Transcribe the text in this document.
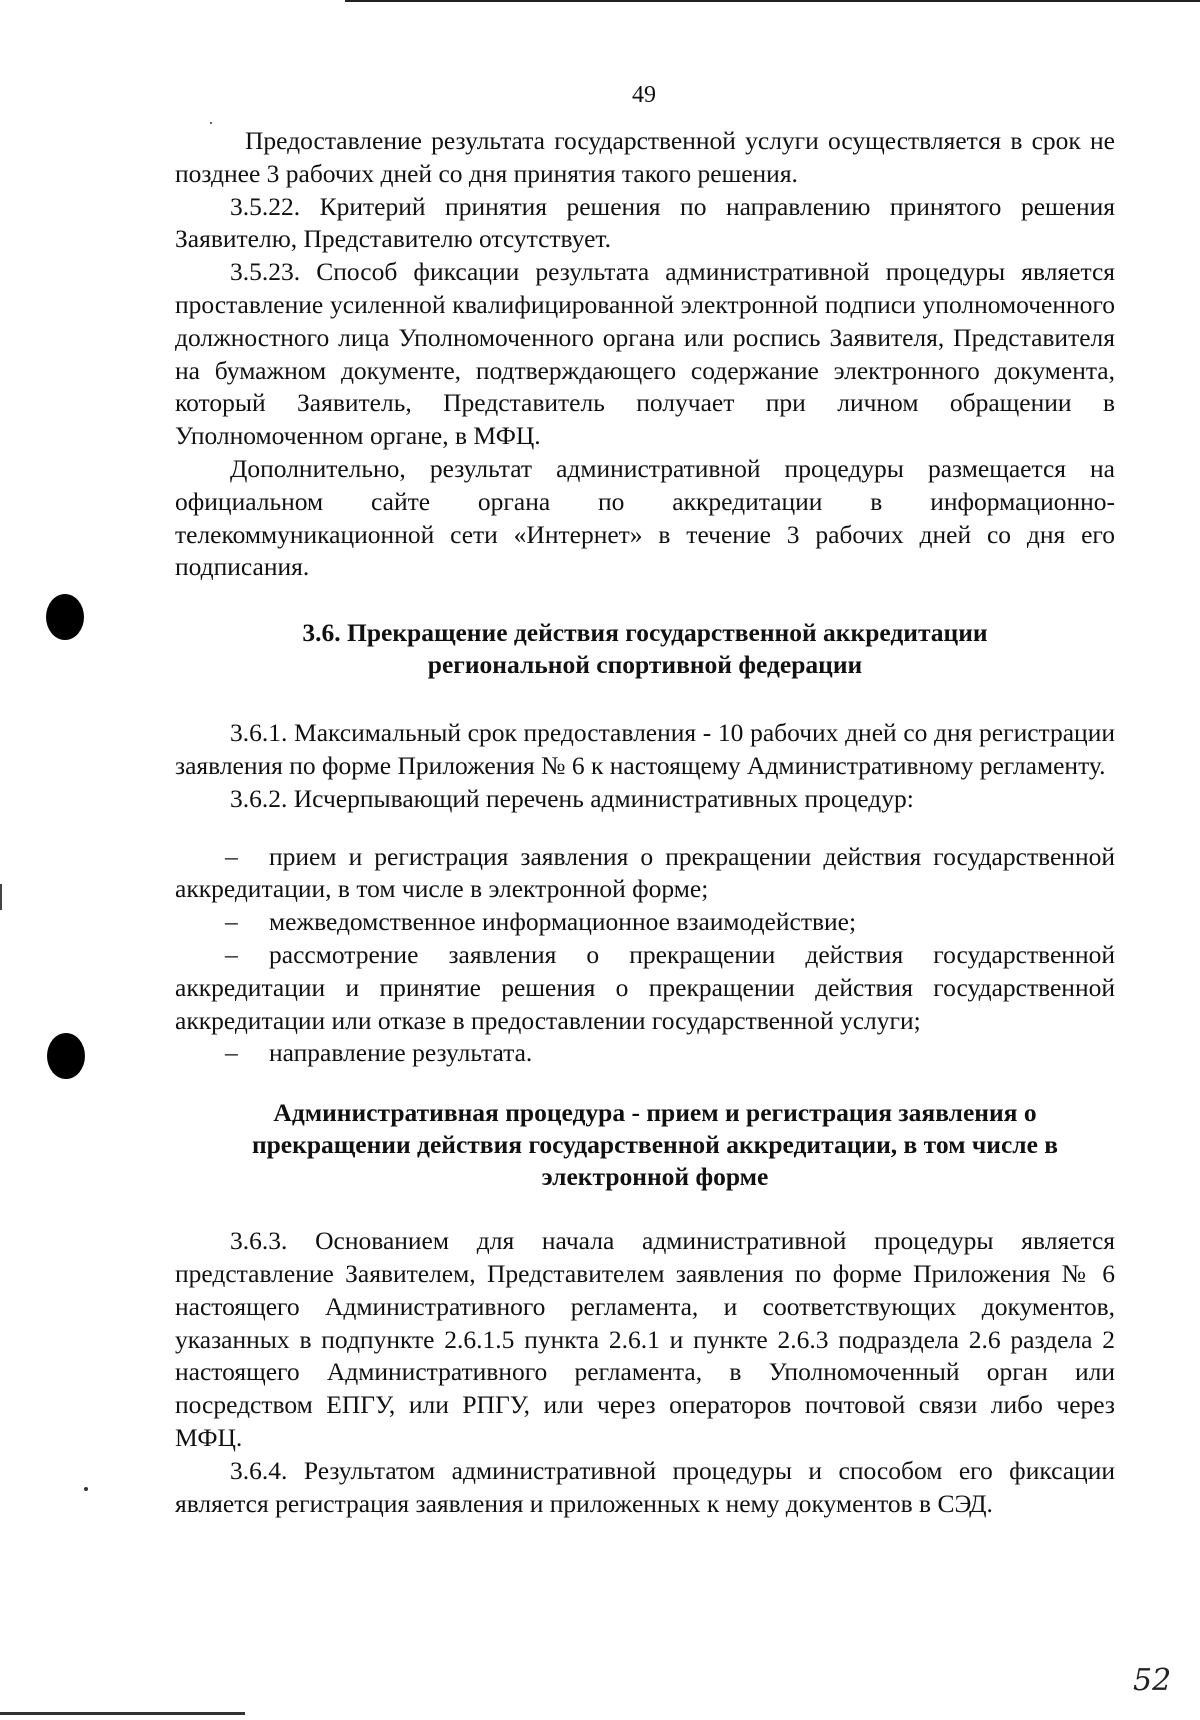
49

Предоставление результата государственной услуги осуществляется в срок не позднее 3 рабочих дней со дня принятия такого решения.

3.5.22. Критерий принятия решения по направлению принятого решения Заявителю, Представителю отсутствует.

3.5.23. Способ фиксации результата административной процедуры является проставление усиленной квалифицированной электронной подписи уполномоченного должностного лица Уполномоченного органа или роспись Заявителя, Представителя на бумажном документе, подтверждающего содержание электронного документа, который Заявитель, Представитель получает при личном обращении в Уполномоченном органе, в МФЦ.

Дополнительно, результат административной процедуры размещается на официальном сайте органа по аккредитации в информационно-телекоммуникационной сети «Интернет» в течение 3 рабочих дней со дня его подписания.

3.6. Прекращение действия государственной аккредитации
региональной спортивной федерации

3.6.1. Максимальный срок предоставления - 10 рабочих дней со дня регистрации заявления по форме Приложения № 6 к настоящему Административному регламенту.

3.6.2. Исчерпывающий перечень административных процедур:

– прием и регистрация заявления о прекращении действия государственной аккредитации, в том числе в электронной форме;

– межведомственное информационное взаимодействие;

– рассмотрение заявления о прекращении действия государственной аккредитации и принятие решения о прекращении действия государственной аккредитации или отказе в предоставлении государственной услуги;

– направление результата.

Административная процедура - прием и регистрация заявления о
прекращении действия государственной аккредитации, в том числе в
электронной форме

3.6.3. Основанием для начала административной процедуры является представление Заявителем, Представителем заявления по форме Приложения № 6 настоящего Административного регламента, и соответствующих документов, указанных в подпункте 2.6.1.5 пункта 2.6.1 и пункте 2.6.3 подраздела 2.6 раздела 2 настоящего Административного регламента, в Уполномоченный орган или посредством ЕПГУ, или РПГУ, или через операторов почтовой связи либо через МФЦ.

3.6.4. Результатом административной процедуры и способом его фиксации является регистрация заявления и приложенных к нему документов в СЭД.

52
